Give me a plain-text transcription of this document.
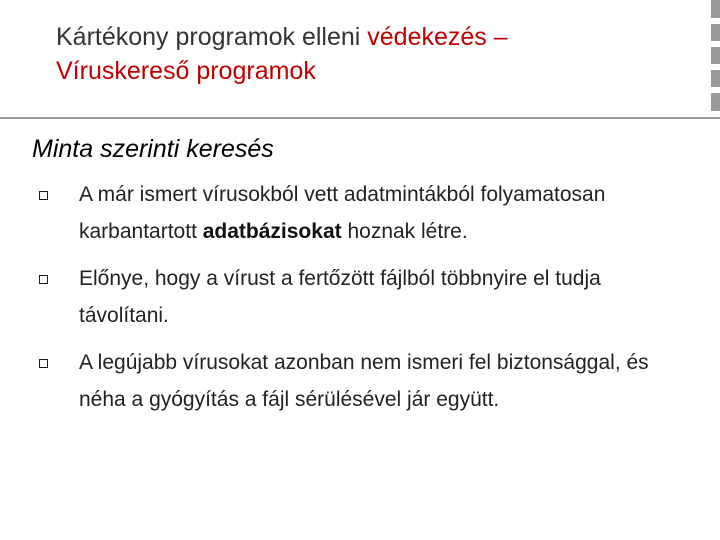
Kártékony programok elleni védekezés –
Víruskereső programok
Minta szerinti keresés
A már ismert vírusokból vett adatmintákból folyamatosan karbantartott adatbázisokat hoznak létre.
Előnye, hogy a vírust a fertőzött fájlból többnyire el tudja távolítani.
A legújabb vírusokat azonban nem ismeri fel biztonsággal, és néha a gyógyítás a fájl sérülésével jár együtt.
